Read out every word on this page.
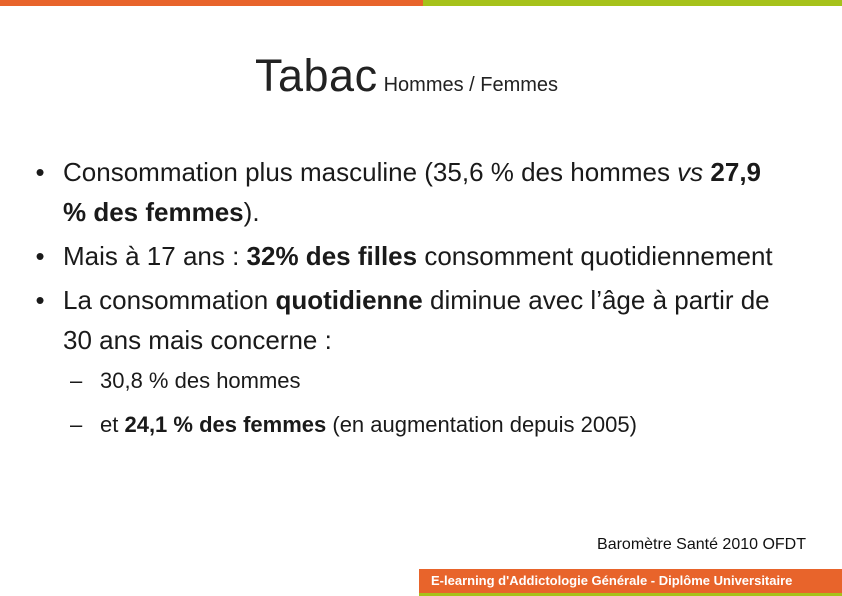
Tabac Hommes / Femmes
• Consommation plus masculine (35,6 % des hommes vs 27,9 % des femmes).
• Mais à 17 ans : 32% des filles consomment quotidiennement
• La consommation quotidienne diminue avec l’âge à partir de 30 ans mais concerne :
– 30,8 % des hommes
– et 24,1 % des femmes (en augmentation depuis 2005)
Baromètre Santé 2010 OFDT
E-learning d'Addictologie Générale - Diplôme Universitaire
